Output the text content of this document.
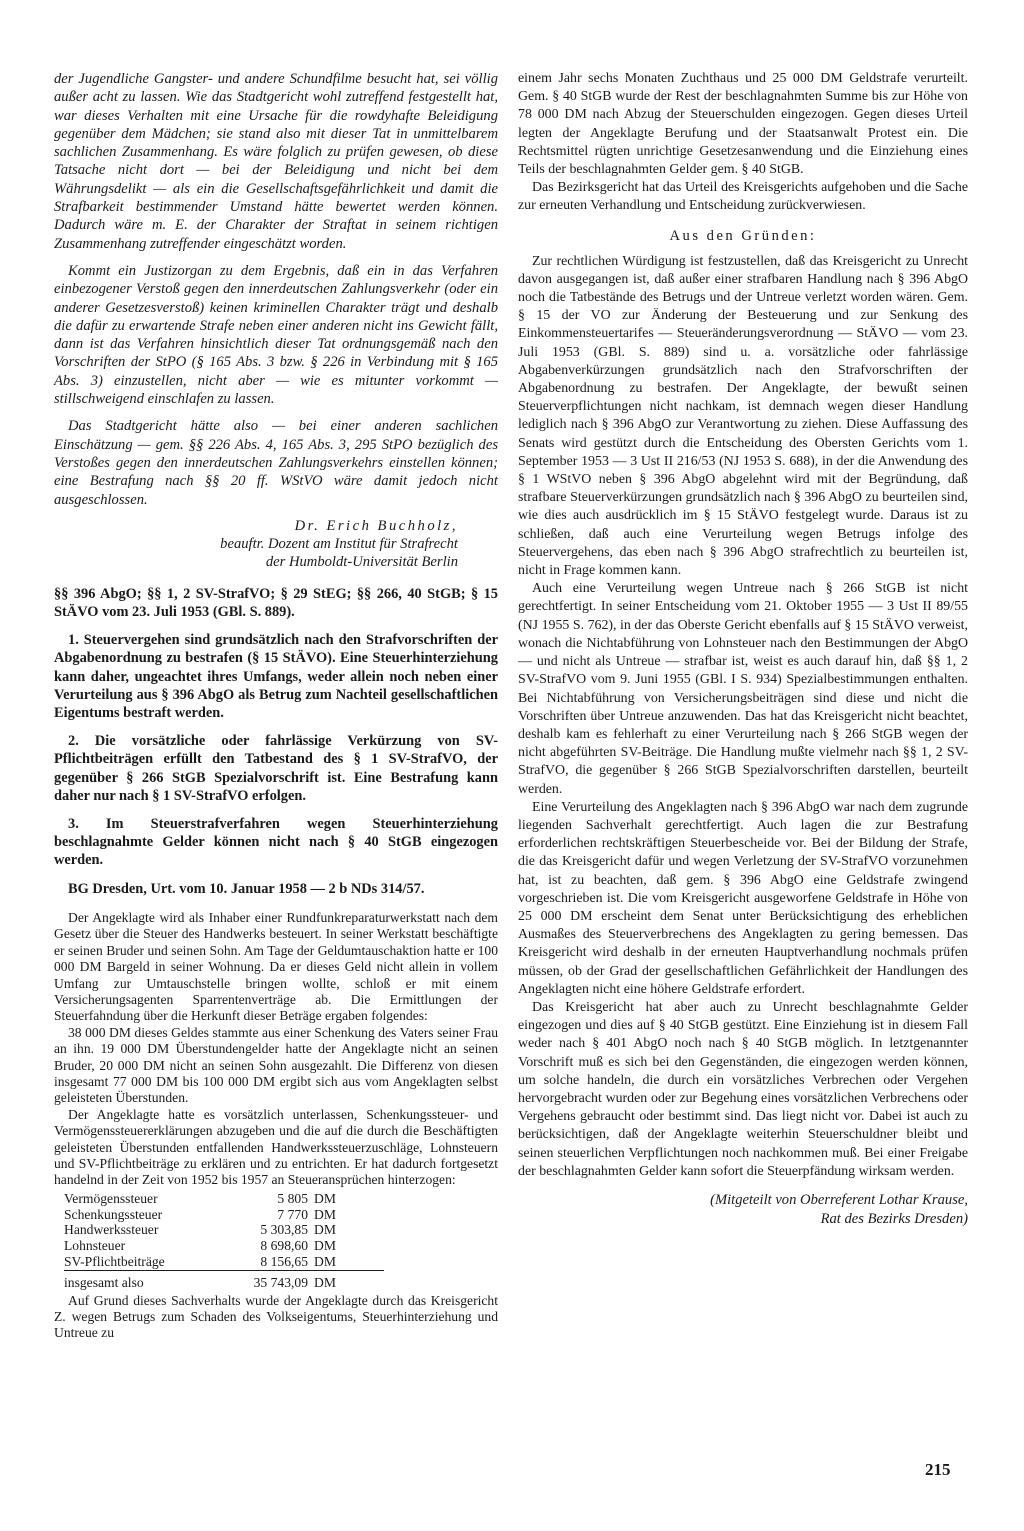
der Jugendliche Gangster- und andere Schundfilme besucht hat, sei völlig außer acht zu lassen. Wie das Stadtgericht wohl zutreffend festgestellt hat, war dieses Verhalten mit eine Ursache für die rowdyhafte Beleidigung gegenüber dem Mädchen; sie stand also mit dieser Tat in unmittelbarem sachlichen Zusammenhang. Es wäre folglich zu prüfen gewesen, ob diese Tatsache nicht dort — bei der Beleidigung und nicht bei dem Währungsdelikt — als ein die Gesellschaftsgefährlichkeit und damit die Strafbarkeit bestimmender Umstand hätte bewertet werden können. Dadurch wäre m. E. der Charakter der Straftat in seinem richtigen Zusammenhang zutreffender eingeschätzt worden.

Kommt ein Justizorgan zu dem Ergebnis, daß ein in das Verfahren einbezogener Verstoß gegen den innerdeutschen Zahlungsverkehr (oder ein anderer Gesetzesverstoß) keinen kriminellen Charakter trägt und deshalb die dafür zu erwartende Strafe neben einer anderen nicht ins Gewicht fällt, dann ist das Verfahren hinsichtlich dieser Tat ordnungsgemäß nach den Vorschriften der StPO (§ 165 Abs. 3 bzw. § 226 in Verbindung mit § 165 Abs. 3) einzustellen, nicht aber — wie es mitunter vorkommt — stillschweigend einschlafen zu lassen.

Das Stadtgericht hätte also — bei einer anderen sachlichen Einschätzung — gem. §§ 226 Abs. 4, 165 Abs. 3, 295 StPO bezüglich des Verstoßes gegen den innerdeutschen Zahlungsverkehrs einstellen können; eine Bestrafung nach §§ 20 ff. WStVO wäre damit jedoch nicht ausgeschlossen.

Dr. Erich Buchholz,
beauftr. Dozent am Institut für Strafrecht
der Humboldt-Universität Berlin
§§ 396 AbgO; §§ 1, 2 SV-StrafVO; § 29 StEG; §§ 266, 40 StGB; § 15 StÄVO vom 23. Juli 1953 (GBl. S. 889).

1. Steuervergehen sind grundsätzlich nach den Strafvorschriften der Abgabenordnung zu bestrafen (§ 15 StÄVO). Eine Steuerhinterziehung kann daher, ungeachtet ihres Umfangs, weder allein noch neben einer Verurteilung aus § 396 AbgO als Betrug zum Nachteil gesellschaftlichen Eigentums bestraft werden.

2. Die vorsätzliche oder fahrlässige Verkürzung von SV-Pflichtbeiträgen erfüllt den Tatbestand des § 1 SV-StrafVO, der gegenüber § 266 StGB Spezialvorschrift ist. Eine Bestrafung kann daher nur nach § 1 SV-StrafVO erfolgen.

3. Im Steuerstrafverfahren wegen Steuerhinterziehung beschlagnahmte Gelder können nicht nach § 40 StGB eingezogen werden.

BG Dresden, Urt. vom 10. Januar 1958 — 2 b NDs 314/57.

Der Angeklagte wird als Inhaber einer Rundfunkreparaturwerkstatt nach dem Gesetz über die Steuer des Handwerks besteuert. In seiner Werkstatt beschäftigte er seinen Bruder und seinen Sohn. Am Tage der Geldumtauschaktion hatte er 100 000 DM Bargeld in seiner Wohnung. Da er dieses Geld nicht allein in vollem Umfang zur Umtauschstelle bringen wollte, schloß er mit einem Versicherungsagenten Sparrentenverträge ab. Die Ermittlungen der Steuerfahndung über die Herkunft dieser Beträge ergaben folgendes:

38 000 DM dieses Geldes stammte aus einer Schenkung des Vaters seiner Frau an ihn. 19 000 DM Überstundengelder hatte der Angeklagte nicht an seinen Bruder, 20 000 DM nicht an seinen Sohn ausgezahlt. Die Differenz von diesen insgesamt 77 000 DM bis 100 000 DM ergibt sich aus vom Angeklagten selbst geleisteten Überstunden.

Der Angeklagte hatte es vorsätzlich unterlassen, Schenkungssteuer- und Vermögenssteuererklärungen abzugeben und die auf die durch die Beschäftigten geleisteten Überstunden entfallenden Handwerkssteuerzuschläge, Lohnsteuern und SV-Pflichtbeiträge zu erklären und zu entrichten. Er hat dadurch fortgesetzt handelnd in der Zeit von 1952 bis 1957 an Steueransprüchen hinterzogen:

Vermögenssteuer	5 805	DM
Schenkungssteuer	7 770	DM
Handwerkssteuer	5 303,85	DM
Lohnsteuer	8 698,60	DM
SV-Pflichtbeiträge	8 156,65	DM
insgesamt also	35 743,09	DM

Auf Grund dieses Sachverhalts wurde der Angeklagte durch das Kreisgericht Z. wegen Betrugs zum Schaden des Volkseigentums, Steuerhinterziehung und Untreue zu

einem Jahr sechs Monaten Zuchthaus und 25 000 DM Geldstrafe verurteilt. Gem. § 40 StGB wurde der Rest der beschlagnahmten Summe bis zur Höhe von 78 000 DM nach Abzug der Steuerschulden eingezogen. Gegen dieses Urteil legten der Angeklagte Berufung und der Staatsanwalt Protest ein. Die Rechtsmittel rügten unrichtige Gesetzesanwendung und die Einziehung eines Teils der beschlagnahmten Gelder gem. § 40 StGB.

Das Bezirksgericht hat das Urteil des Kreisgerichts aufgehoben und die Sache zur erneuten Verhandlung und Entscheidung zurückverwiesen.

Aus den Gründen:

Zur rechtlichen Würdigung ist festzustellen, daß das Kreisgericht zu Unrecht davon ausgegangen ist, daß außer einer strafbaren Handlung nach § 396 AbgO noch die Tatbestände des Betrugs und der Untreue verletzt worden wären. Gem. § 15 der VO zur Änderung der Besteuerung und zur Senkung des Einkommensteuertarifes — Steueränderungsverordnung — StÄVO — vom 23. Juli 1953 (GBl. S. 889) sind u. a. vorsätzliche oder fahrlässige Abgabenverkürzungen grundsätzlich nach den Strafvorschriften der Abgabenordnung zu bestrafen. Der Angeklagte, der bewußt seinen Steuerverpflichtungen nicht nachkam, ist demnach wegen dieser Handlung lediglich nach § 396 AbgO zur Verantwortung zu ziehen. Diese Auffassung des Senats wird gestützt durch die Entscheidung des Obersten Gerichts vom 1. September 1953 — 3 Ust II 216/53 (NJ 1953 S. 688), in der die Anwendung des § 1 WStVO neben § 396 AbgO abgelehnt wird mit der Begründung, daß strafbare Steuerverkürzungen grundsätzlich nach § 396 AbgO zu beurteilen sind, wie dies auch ausdrücklich im § 15 StÄVO festgelegt wurde. Daraus ist zu schließen, daß auch eine Verurteilung wegen Betrugs infolge des Steuervergehens, das eben nach § 396 AbgO strafrechtlich zu beurteilen ist, nicht in Frage kommen kann.

Auch eine Verurteilung wegen Untreue nach § 266 StGB ist nicht gerechtfertigt. In seiner Entscheidung vom 21. Oktober 1955 — 3 Ust II 89/55 (NJ 1955 S. 762), in der das Oberste Gericht ebenfalls auf § 15 StÄVO verweist, wonach die Nichtabführung von Lohnsteuer nach den Bestimmungen der AbgO — und nicht als Untreue — strafbar ist, weist es auch darauf hin, daß §§ 1, 2 SV-StrafVO vom 9. Juni 1955 (GBl. I S. 934) Spezialbestimmungen enthalten. Bei Nichtabführung von Versicherungsbeiträgen sind diese und nicht die Vorschriften über Untreue anzuwenden. Das hat das Kreisgericht nicht beachtet, deshalb kam es fehlerhaft zu einer Verurteilung nach § 266 StGB wegen der nicht abgeführten SV-Beiträge. Die Handlung mußte vielmehr nach §§ 1, 2 SV-StrafVO, die gegenüber § 266 StGB Spezialvorschriften darstellen, beurteilt werden.

Eine Verurteilung des Angeklagten nach § 396 AbgO war nach dem zugrunde liegenden Sachverhalt gerechtfertigt. Auch lagen die zur Bestrafung erforderlichen rechtskräftigen Steuerbescheide vor. Bei der Bildung der Strafe, die das Kreisgericht dafür und wegen Verletzung der SV-StrafVO vorzunehmen hat, ist zu beachten, daß gem. § 396 AbgO eine Geldstrafe zwingend vorgeschrieben ist. Die vom Kreisgericht ausgeworfene Geldstrafe in Höhe von 25 000 DM erscheint dem Senat unter Berücksichtigung des erheblichen Ausmaßes des Steuerverbrechens des Angeklagten zu gering bemessen. Das Kreisgericht wird deshalb in der erneuten Hauptverhandlung nochmals prüfen müssen, ob der Grad der gesellschaftlichen Gefährlichkeit der Handlungen des Angeklagten nicht eine höhere Geldstrafe erfordert.

Das Kreisgericht hat aber auch zu Unrecht beschlagnahmte Gelder eingezogen und dies auf § 40 StGB gestützt. Eine Einziehung ist in diesem Fall weder nach § 401 AbgO noch nach § 40 StGB möglich. In letztgenannter Vorschrift muß es sich bei den Gegenständen, die eingezogen werden können, um solche handeln, die durch ein vorsätzliches Verbrechen oder Vergehen hervorgebracht wurden oder zur Begehung eines vorsätzlichen Verbrechens oder Vergehens gebraucht oder bestimmt sind. Das liegt nicht vor. Dabei ist auch zu berücksichtigen, daß der Angeklagte weiterhin Steuerschuldner bleibt und seinen steuerlichen Verpflichtungen noch nachkommen muß. Bei einer Freigabe der beschlagnahmten Gelder kann sofort die Steuerpfändung wirksam werden.

(Mitgeteilt von Oberreferent Lothar Krause,
Rat des Bezirks Dresden)
215
